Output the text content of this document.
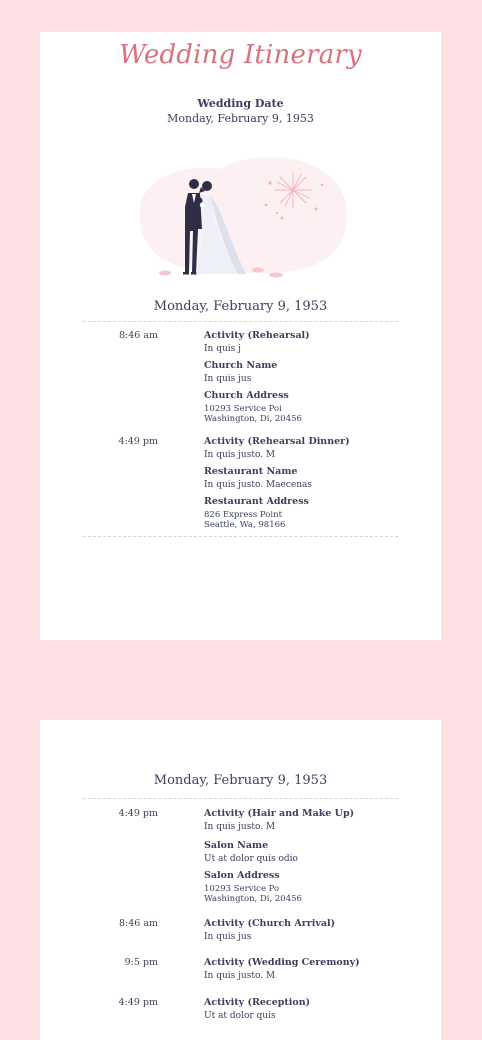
Wedding Itinerary
Wedding Date
Monday, February 9, 1953
Monday, February 9, 1953
8:46 am	Activity (Rehearsal)
In quis j
Church Name
In quis jus
Church Address
10293 Service Poi
Washington, Di, 20456
4:49 pm	Activity (Rehearsal Dinner)
In quis justo. M
Restaurant Name
In quis justo. Maecenas
Restaurant Address
826 Express Point
Seattle, Wa, 98166
Monday, February 9, 1953
4:49 pm	Activity (Hair and Make Up)
In quis justo. M
Salon Name
Ut at dolor quis odio
Salon Address
10293 Service Po
Washington, Di, 20456
8:46 am	Activity (Church Arrival)
In quis jus
9:5 pm	Activity (Wedding Ceremony)
In quis justo. M
4:49 pm	Activity (Reception)
Ut at dolor quis
